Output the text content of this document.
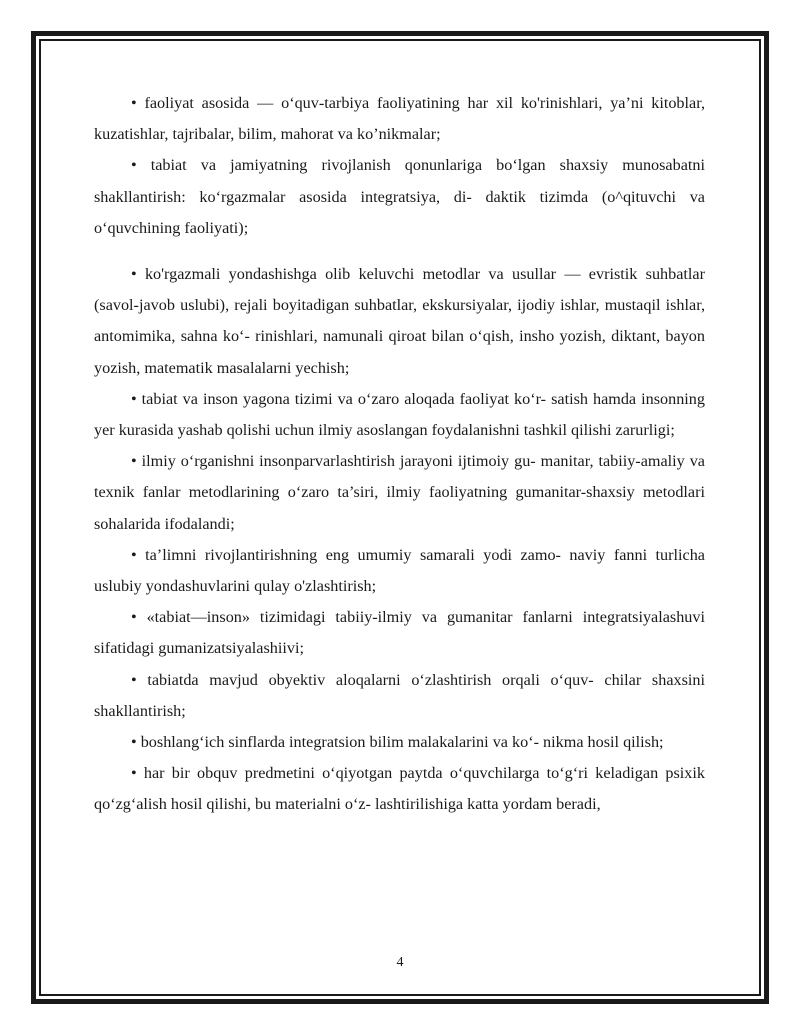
• faoliyat asosida — o‘quv-tarbiya faoliyatining har xil ko'rinishlari, ya’ni kitoblar, kuzatishlar, tajribalar, bilim, mahorat va ko’nikmalar;

• tabiat va jamiyatning rivojlanish qonunlariga bo‘lgan shaxsiy munosabatni shakllantirish: ko‘rgazmalar asosida integratsiya, di- daktik tizimda (o^qituvchi va o‘quvchining faoliyati);

• ko'rgazmali yondashishga olib keluvchi metodlar va usullar — evristik suhbatlar (savol-javob uslubi), rejali boyitadigan suhbatlar, ekskursiyalar, ijodiy ishlar, mustaqil ishlar, antomimika, sahna ko‘- rinishlari, namunali qiroat bilan o‘qish, insho yozish, diktant, bayon yozish, matematik masalalarni yechish;

• tabiat va inson yagona tizimi va o‘zaro aloqada faoliyat ko‘r- satish hamda insonning yer kurasida yashab qolishi uchun ilmiy asoslangan foydalanishni tashkil qilishi zarurligi;

• ilmiy o‘rganishni insonparvarlashtirish jarayoni ijtimoiy gu- manitar, tabiiy-amaliy va texnik fanlar metodlarining o‘zaro ta’siri, ilmiy faoliyatning gumanitar-shaxsiy metodlari sohalarida ifodalandi;

• ta’limni rivojlantirishning eng umumiy samarali yodi zamo- naviy fanni turlicha uslubiy yondashuvlarini qulay o'zlashtirish;

• «tabiat—inson» tizimidagi tabiiy-ilmiy va gumanitar fanlarni integratsiyalashuvi sifatidagi gumanizatsiyalashiivi;

• tabiatda mavjud obyektiv aloqalarni o‘zlashtirish orqali o‘quv- chilar shaxsini shakllantirish;

• boshlang‘ich sinflarda integratsion bilim malakalarini va ko‘- nikma hosil qilish;

• har bir obquv predmetini o‘qiyotgan paytda o‘quvchilarga to‘g‘ri keladigan psixik qo‘zg‘alish hosil qilishi, bu materialni o‘z- lashtirilishiga katta yordam beradi,

4
